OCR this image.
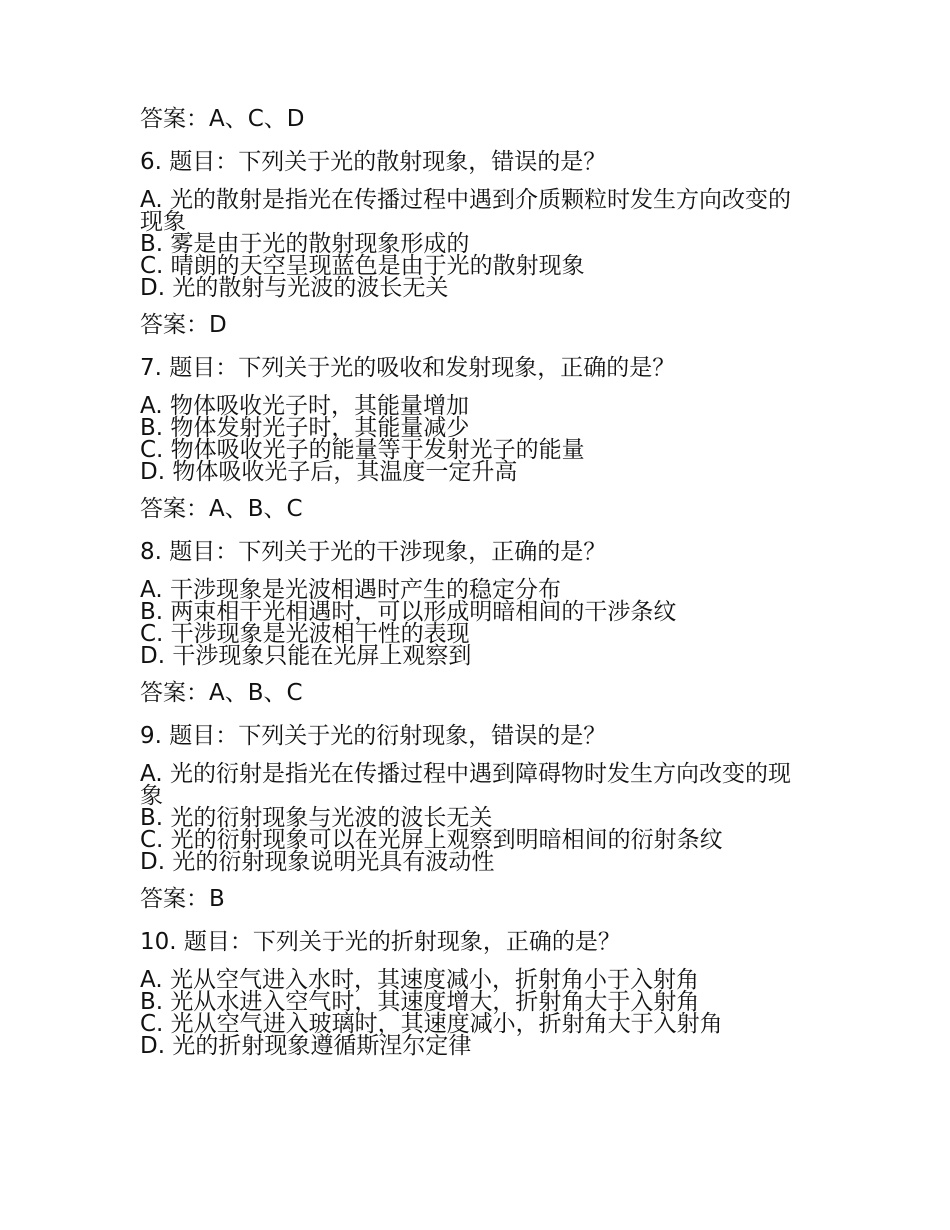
答案：A、C、D
6. 题目：下列关于光的散射现象，错误的是？
A. 光的散射是指光在传播过程中遇到介质颗粒时发生方向改变的现象
B. 雾是由于光的散射现象形成的
C. 晴朗的天空呈现蓝色是由于光的散射现象
D. 光的散射与光波的波长无关
答案：D
7. 题目：下列关于光的吸收和发射现象，正确的是？
A. 物体吸收光子时，其能量增加
B. 物体发射光子时，其能量减少
C. 物体吸收光子的能量等于发射光子的能量
D. 物体吸收光子后，其温度一定升高
答案：A、B、C
8. 题目：下列关于光的干涉现象，正确的是？
A. 干涉现象是光波相遇时产生的稳定分布
B. 两束相干光相遇时，可以形成明暗相间的干涉条纹
C. 干涉现象是光波相干性的表现
D. 干涉现象只能在光屏上观察到
答案：A、B、C
9. 题目：下列关于光的衍射现象，错误的是？
A. 光的衍射是指光在传播过程中遇到障碍物时发生方向改变的现象
B. 光的衍射现象与光波的波长无关
C. 光的衍射现象可以在光屏上观察到明暗相间的衍射条纹
D. 光的衍射现象说明光具有波动性
答案：B
10. 题目：下列关于光的折射现象，正确的是？
A. 光从空气进入水时，其速度减小，折射角小于入射角
B. 光从水进入空气时，其速度增大，折射角大于入射角
C. 光从空气进入玻璃时，其速度减小，折射角大于入射角
D. 光的折射现象遵循斯涅尔定律
